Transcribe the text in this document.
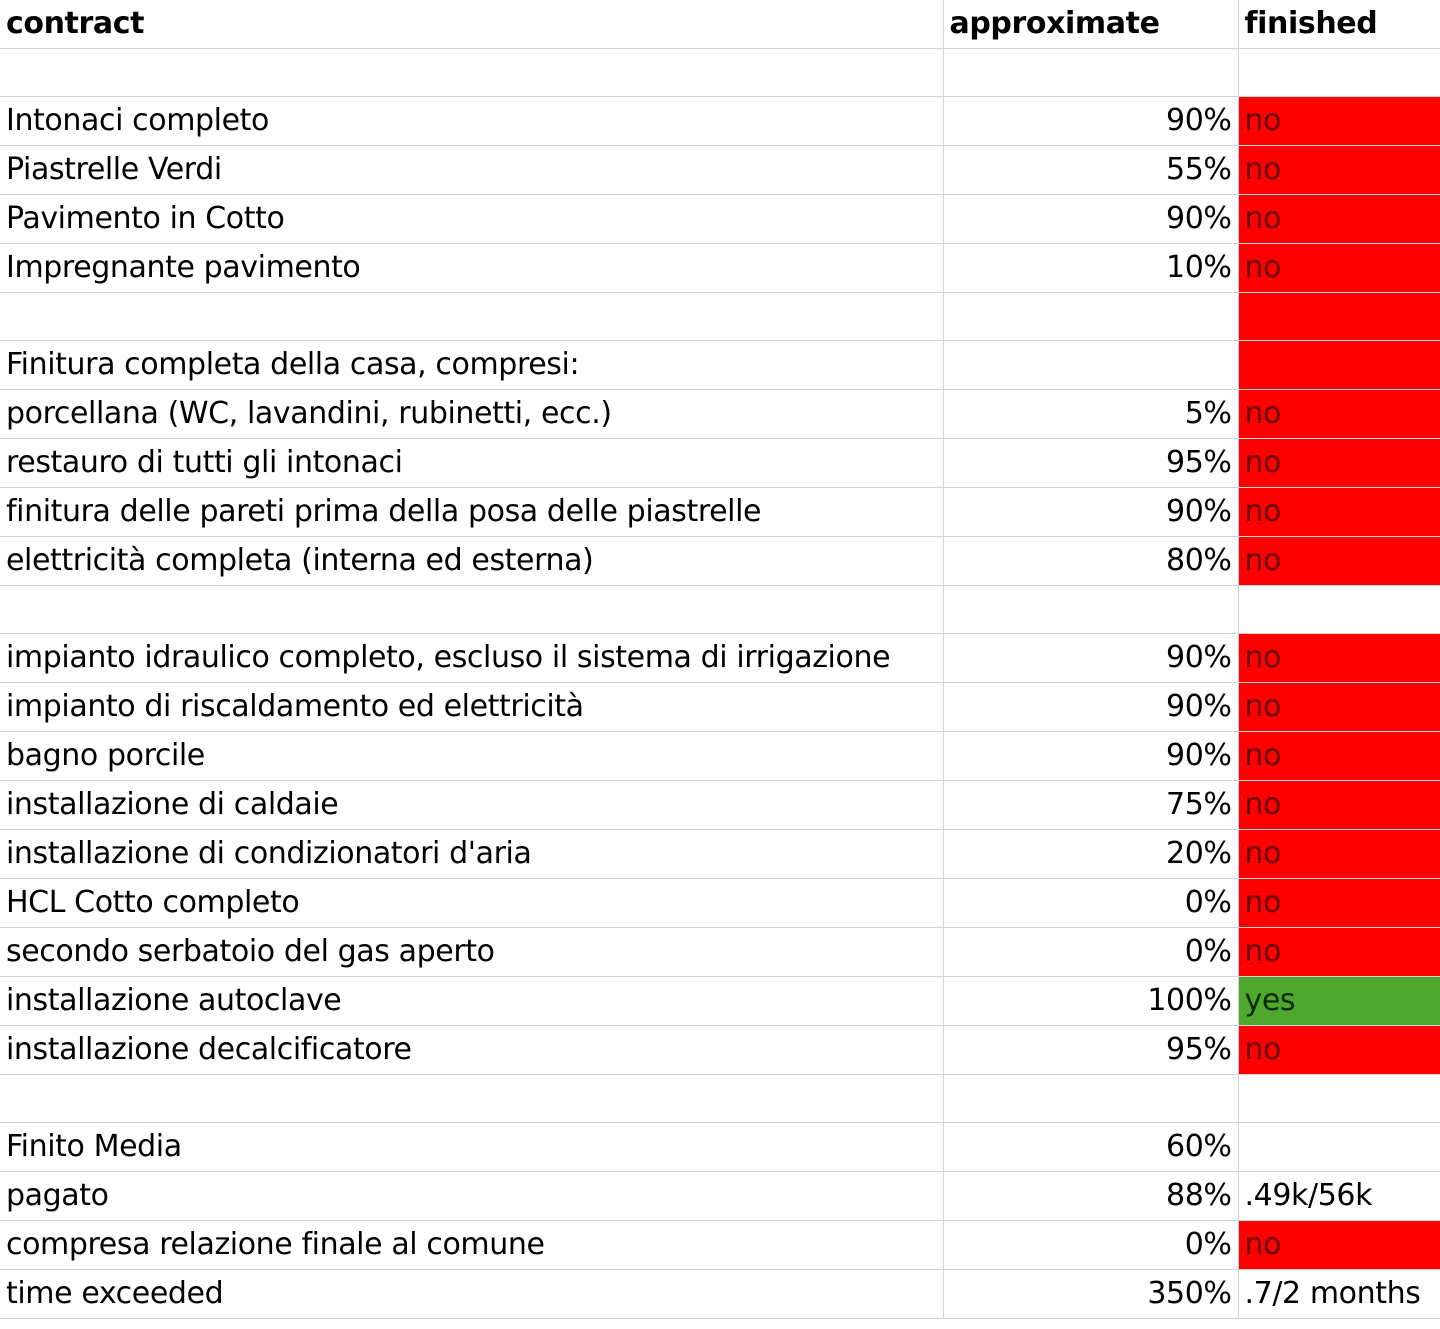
contract	approximate	finished

Intonaci completo	90%	no
Piastrelle Verdi	55%	no
Pavimento in Cotto	90%	no
Impregnante pavimento	10%	no

Finitura completa della casa, compresi:		
porcellana (WC, lavandini, rubinetti, ecc.)	5%	no
restauro di tutti gli intonaci	95%	no
finitura delle pareti prima della posa delle piastrelle	90%	no
elettricità completa (interna ed esterna)	80%	no

impianto idraulico completo, escluso il sistema di irrigazione	90%	no
impianto di riscaldamento ed elettricità	90%	no
bagno porcile	90%	no
installazione di caldaie	75%	no
installazione di condizionatori d'aria	20%	no
HCL Cotto completo	0%	no
secondo serbatoio del gas aperto	0%	no
installazione autoclave	100%	yes
installazione decalcificatore	95%	no

Finito Media	60%	
pagato	88%	.49k/56k
compresa relazione finale al comune	0%	no
time exceeded	350%	.7/2 months
